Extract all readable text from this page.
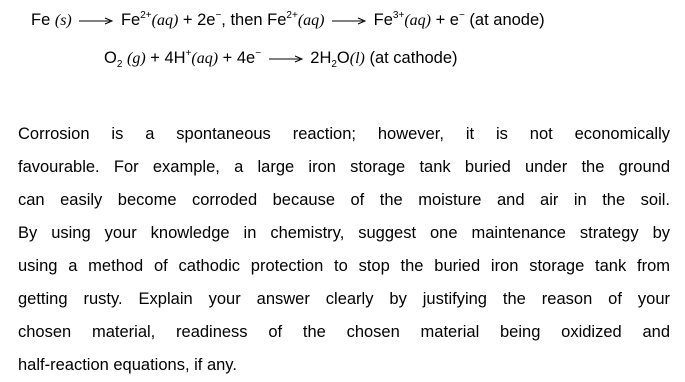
Fe $(s) \to Fe^{2+}(aq) + 2e^-$, then $Fe^{2+}(aq) \to Fe^{3+}(aq) + e^-$ (at anode)
$O_2$ $(g) + 4H^+(aq) + 4e^- \to 2H_2O(l)$ (at cathode)
Corrosion is a spontaneous reaction; however, it is not economically
favourable. For example, a large iron storage tank buried under the ground
can easily become corroded because of the moisture and air in the soil.
By using your knowledge in chemistry, suggest one maintenance strategy by
using a method of cathodic protection to stop the buried iron storage tank from
getting rusty. Explain your answer clearly by justifying the reason of your
chosen material, readiness of the chosen material being oxidized and
half-reaction equations, if any.
